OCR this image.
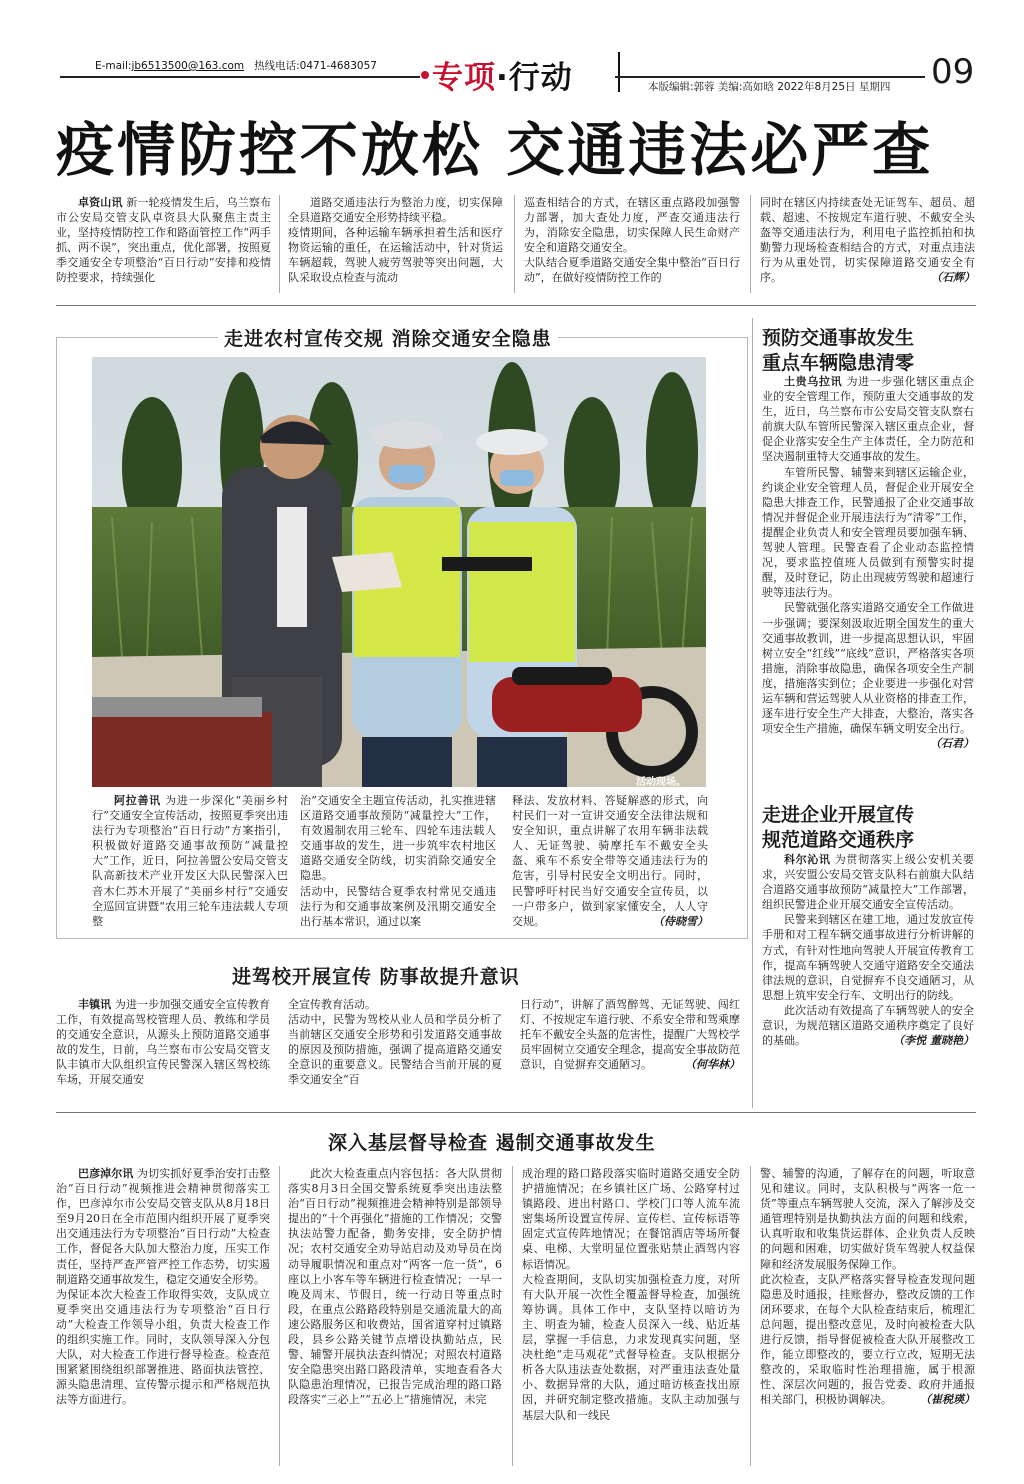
E-mail:jb6513500@163.com 热线电话:0471-4683057 专项·行动	本版编辑:郭蓉 美编:高如晗 2022年8月25日 星期四 09
疫情防控不放松 交通违法必严查

卓资山讯 新一轮疫情发生后，乌兰察布市公安局交管支队卓资县大队聚焦主责主业，坚持疫情防控工作和路面管控工作“两手抓、两不误”，突出重点，优化部署，按照夏季交通安全专项整治“百日行动”安排和疫情防控要求，持续强化

道路交通违法行为整治力度，切实保障全县道路交通安全形势持续平稳。
疫情期间，各种运输车辆承担着生活和医疗物资运输的重任，在运输活动中，针对货运车辆超载，驾驶人疲劳驾驶等突出问题，大队采取设点检查与流动

巡查相结合的方式，在辖区重点路段加强警力部署，加大查处力度，严查交通违法行为，消除安全隐患，切实保障人民生命财产安全和道路交通安全。
大队结合夏季道路交通安全集中整治“百日行动”，在做好疫情防控工作的

同时在辖区内持续查处无证驾车、超员、超载、超速、不按规定车道行驶、不戴安全头盔等交通违法行为，利用电子监控抓拍和执勤警力现场检查相结合的方式，对重点违法行为从重处罚，切实保障道路交通安全有序。	（石辉）

走进农村宣传交规 消除交通安全隐患
活动现场。

阿拉善讯 为进一步深化“美丽乡村行”交通安全宣传活动，按照夏季突出违法行为专项整治“百日行动”方案指引，积极做好道路交通事故预防“减量控大”工作，近日，阿拉善盟公安局交管支队高新技术产业开发区大队民警深入巴音木仁苏木开展了“美丽乡村行”交通安全巡回宣讲暨“农用三轮车违法载人专项整

治”交通安全主题宣传活动，扎实推进辖区道路交通事故预防“减量控大”工作，有效遏制农用三轮车、四轮车违法载人交通事故的发生，进一步筑牢农村地区道路交通安全防线，切实消除交通安全隐患。
活动中，民警结合夏季农村常见交通违法行为和交通事故案例及汛期交通安全出行基本常识，通过以案

释法、发放材料、答疑解惑的形式，向村民们一对一宣讲交通安全法律法规和安全知识，重点讲解了农用车辆非法载人、无证驾驶、骑摩托车不戴安全头盔、乘车不系安全带等交通违法行为的危害，引导村民安全文明出行。同时，民警呼吁村民当好交通安全宣传员，以一户带多户，做到家家懂安全，人人守交规。	（侍晓雪）

预防交通事故发生
重点车辆隐患清零

土贵乌拉讯 为进一步强化辖区重点企业的安全管理工作，预防重大交通事故的发生，近日，乌兰察布市公安局交管支队察右前旗大队车管所民警深入辖区重点企业，督促企业落实安全生产主体责任，全力防范和坚决遏制重特大交通事故的发生。

车管所民警、辅警来到辖区运输企业，约谈企业安全管理人员，督促企业开展安全隐患大排查工作，民警通报了企业交通事故情况并督促企业开展违法行为“清零”工作，提醒企业负责人和安全管理员要加强车辆、驾驶人管理。民警查看了企业动态监控情况，要求监控值班人员做到有预警实时提醒，及时登记，防止出现疲劳驾驶和超速行驶等违法行为。

民警就强化落实道路交通安全工作做进一步强调；要深刻汲取近期全国发生的重大交通事故教训，进一步提高思想认识，牢固树立安全“红线”“底线”意识，严格落实各项措施，消除事故隐患，确保各项安全生产制度，措施落实到位；企业要进一步强化对营运车辆和营运驾驶人从业资格的排查工作，逐车进行安全生产大排查，大整治，落实各项安全生产措施，确保车辆文明安全出行。
（石君）

走进企业开展宣传
规范道路交通秩序

科尔沁讯 为贯彻落实上级公安机关要求，兴安盟公安局交管支队科右前旗大队结合道路交通事故预防“减量控大”工作部署，组织民警进企业开展交通安全宣传活动。

民警来到辖区在建工地，通过发放宣传手册和对工程车辆交通事故进行分析讲解的方式，有针对性地向驾驶人开展宣传教育工作，提高车辆驾驶人交通守道路安全交通法律法规的意识，自觉摒弃不良交通陋习，从思想上筑牢安全行车、文明出行的防线。

此次活动有效提高了车辆驾驶人的安全意识，为规范辖区道路交通秩序奠定了良好的基础。	（李悦 董晓艳）

进驾校开展宣传 防事故提升意识

丰镇讯 为进一步加强交通安全宣传教育工作，有效提高驾校管理人员、教练和学员的交通安全意识，从源头上预防道路交通事故的发生，日前，乌兰察布市公安局交管支队丰镇市大队组织宣传民警深入辖区驾校练车场，开展交通安

全宣传教育活动。
活动中，民警为驾校从业人员和学员分析了当前辖区交通安全形势和引发道路交通事故的原因及预防措施，强调了提高道路交通安全意识的重要意义。民警结合当前开展的夏季交通安全“百

日行动”，讲解了酒驾醉驾、无证驾驶、闯红灯、不按规定车道行驶、不系安全带和驾乘摩托车不戴安全头盔的危害性，提醒广大驾校学员牢固树立交通安全理念，提高安全事故防范意识，自觉摒弃交通陋习。	（何华林）

深入基层督导检查 遏制交通事故发生

巴彦淖尔讯 为切实抓好夏季治安打击整治“百日行动”视频推进会精神贯彻落实工作，巴彦淖尔市公安局交管支队从8月18日至9月20日在全市范围内组织开展了夏季突出交通违法行为专项整治“百日行动”大检查工作，督促各大队加大整治力度，压实工作责任，坚持严查严管严控工作态势，切实遏制道路交通事故发生，稳定交通安全形势。
为保证本次大检查工作取得实效，支队成立夏季突出交通违法行为专项整治“百日行动”大检查工作领导小组，负责大检查工作的组织实施工作。同时，支队领导深入分包大队，对大检查工作进行督导检查。检查范围紧紧围绕组织部署推进、路面执法管控、源头隐患清理、宣传警示提示和严格规范执法等方面进行。

此次大检查重点内容包括：各大队贯彻落实8月3日全国交警系统夏季突出违法整治“百日行动”视频推进会精神特别是部领导提出的“十个再强化”措施的工作情况；交警执法站警力配备，勤务安排，安全防护情况；农村交通安全劝导站启动及劝导员在岗动导履职情况和重点对“两客一危一货”，6座以上小客车等车辆进行检查情况；一早一晚及周末、节假日，统一行动日等重点时段，在重点公路路段特别是交通流量大的高速公路服务区和收费站，国省道穿村过镇路段，县乡公路关键节点增设执勤站点，民警、辅警开展执法查纠情况；对照农村道路安全隐患突出路口路段清单，实地查看各大队隐患治理情况，已报告完成治理的路口路段落实“三必上”“五必上”措施情况，未完

成治理的路口路段落实临时道路交通安全防护措施情况；在乡镇社区广场、公路穿村过镇路段、进出村路口、学校门口等人流车流密集场所设置宣传屏、宣传栏、宣传标语等固定式宣传阵地情况；在餐馆酒店等场所餐桌、电梯、大堂明显位置张贴禁止酒驾内容标语情况。
大检查期间，支队切实加强检查力度，对所有大队开展一次性全覆盖督导检查，加强统筹协调。具体工作中，支队坚持以暗访为主、明查为辅，检查人员深入一线、贴近基层，掌握一手信息，力求发现真实问题，坚决杜绝“走马观花”式督导检查。支队根据分析各大队违法查处数据，对严重违法查处量小、数据异常的大队，通过暗访核查找出原因，并研究制定整改措施。支队主动加强与基层大队和一线民

警、辅警的沟通，了解存在的问题，听取意见和建议。同时，支队积极与“两客一危一货”等重点车辆驾驶人交流，深入了解涉及交通管理特别是执勤执法方面的问题和线索，认真听取和收集货运群体、企业负责人反映的问题和困难，切实做好货车驾驶人权益保障和经济发展服务保障工作。
此次检查，支队严格落实督导检查发现问题隐患及时通报，挂账督办，整改反馈的工作闭环要求，在每个大队检查结束后，梳理汇总问题，提出整改意见，及时向被检查大队进行反馈，指导督促被检查大队开展整改工作，能立即整改的，要立行立改，短期无法整改的，采取临时性治理措施，属于根源性、深层次问题的，报告党委、政府并通报相关部门，积极协调解决。	（崔税瑛）
